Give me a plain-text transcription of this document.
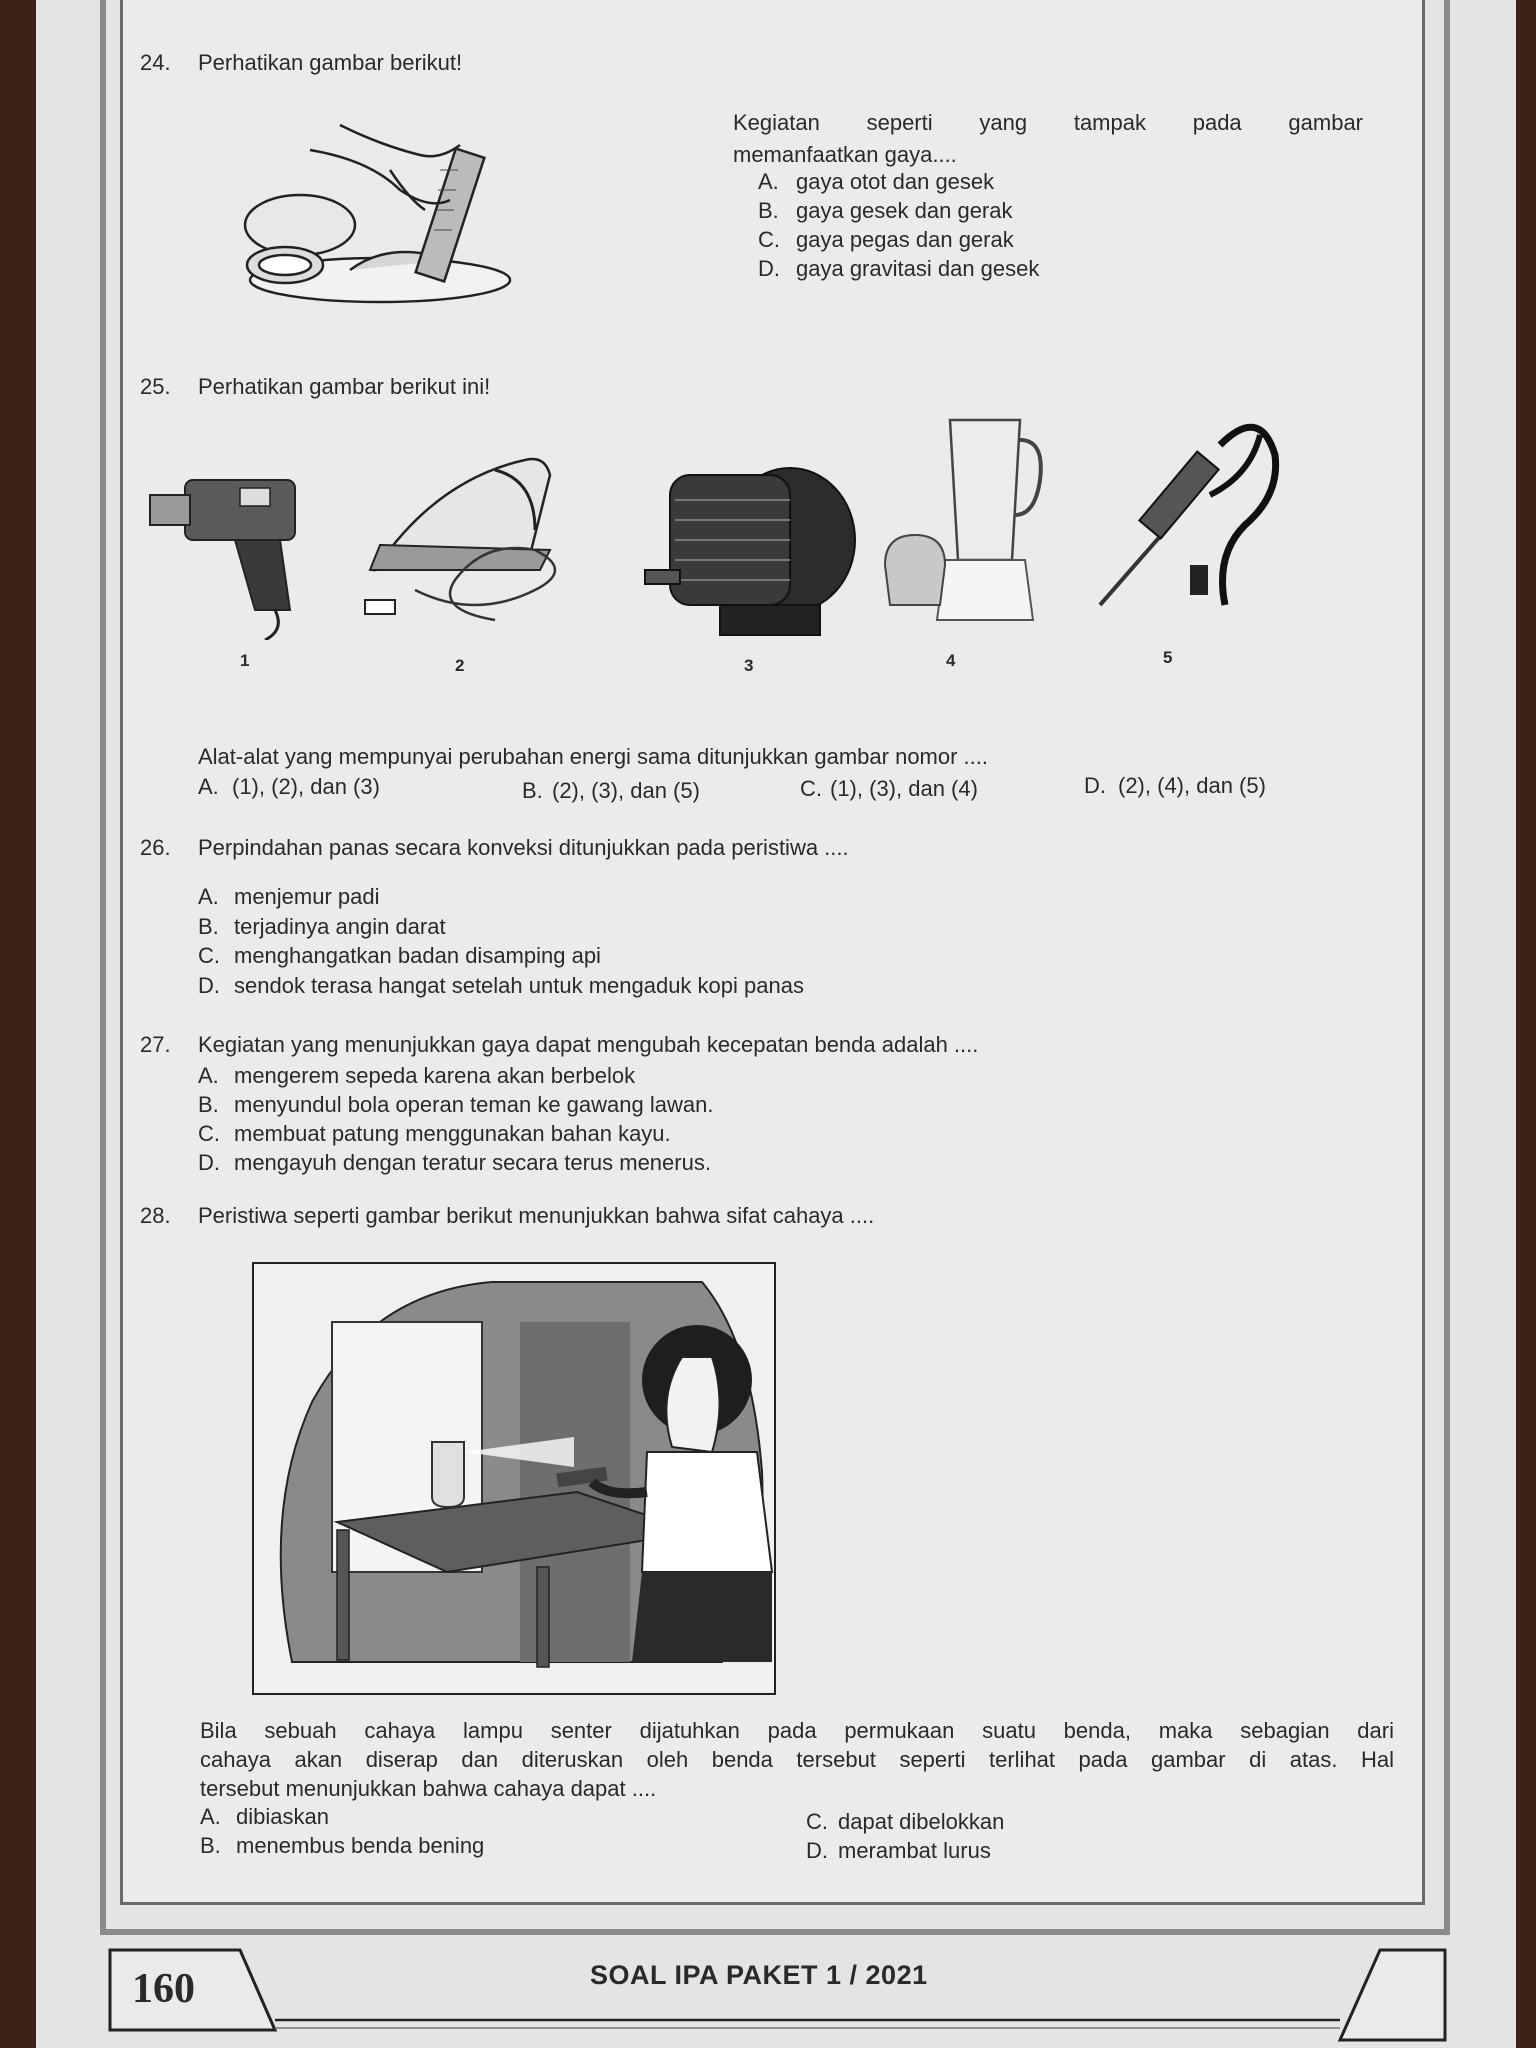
24. Perhatikan gambar berikut!
Kegiatan seperti yang tampak pada gambar
memanfaatkan gaya....
A. gaya otot dan gesek
B. gaya gesek dan gerak
C. gaya pegas dan gerak
D. gaya gravitasi dan gesek
25. Perhatikan gambar berikut ini!
1	2	3	4	5
Alat-alat yang mempunyai perubahan energi sama ditunjukkan gambar nomor ....
A. (1), (2), dan (3)	B. (2), (3), dan (5)	C. (1), (3), dan (4)	D. (2), (4), dan (5)
26. Perpindahan panas secara konveksi ditunjukkan pada peristiwa ....
A. menjemur padi
B. terjadinya angin darat
C. menghangatkan badan disamping api
D. sendok terasa hangat setelah untuk mengaduk kopi panas
27. Kegiatan yang menunjukkan gaya dapat mengubah kecepatan benda adalah ....
A. mengerem sepeda karena akan berbelok
B. menyundul bola operan teman ke gawang lawan.
C. membuat patung menggunakan bahan kayu.
D. mengayuh dengan teratur secara terus menerus.
28. Peristiwa seperti gambar berikut menunjukkan bahwa sifat cahaya ....
Bila sebuah cahaya lampu senter dijatuhkan pada permukaan suatu benda, maka sebagian dari
cahaya akan diserap dan diteruskan oleh benda tersebut seperti terlihat pada gambar di atas. Hal
tersebut menunjukkan bahwa cahaya dapat ....
A. dibiaskan
B. menembus benda bening
C. dapat dibelokkan
D. merambat lurus
160	SOAL IPA PAKET 1 / 2021
